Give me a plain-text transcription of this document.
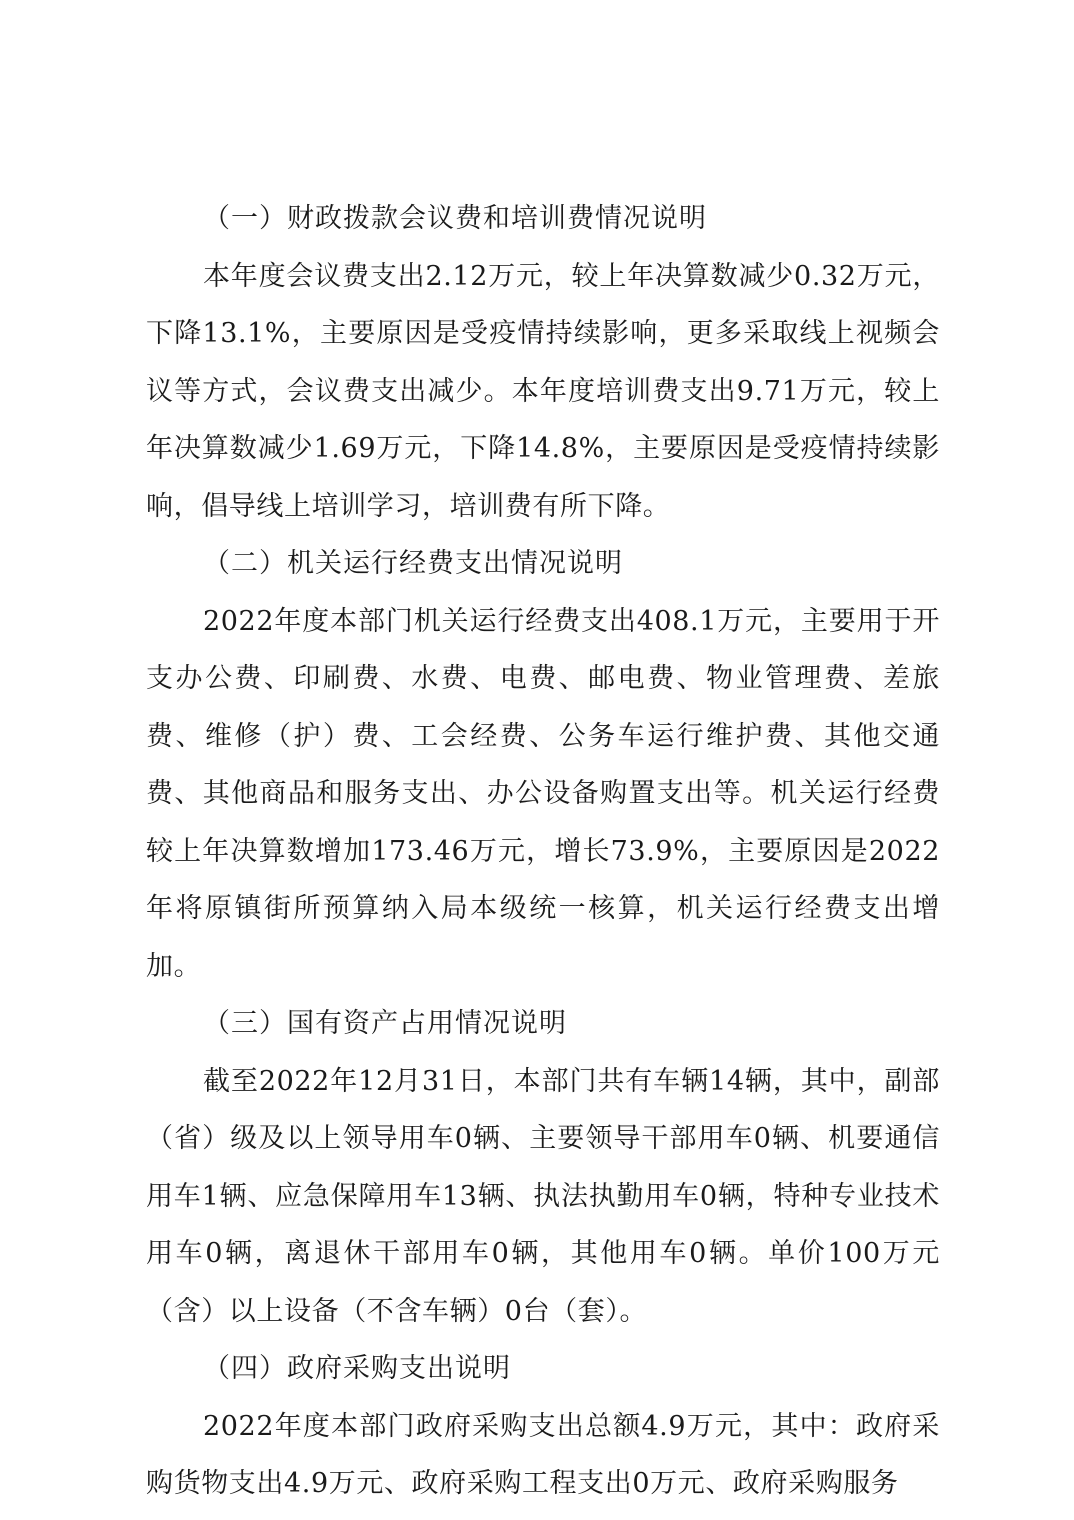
（一）财政拨款会议费和培训费情况说明

本年度会议费支出2.12万元，较上年决算数减少0.32万元，下降13.1%，主要原因是受疫情持续影响，更多采取线上视频会议等方式，会议费支出减少。本年度培训费支出9.71万元，较上年决算数减少1.69万元，下降14.8%，主要原因是受疫情持续影响，倡导线上培训学习，培训费有所下降。

（二）机关运行经费支出情况说明

2022年度本部门机关运行经费支出408.1万元，主要用于开支办公费、印刷费、水费、电费、邮电费、物业管理费、差旅费、维修（护）费、工会经费、公务车运行维护费、其他交通费、其他商品和服务支出、办公设备购置支出等。机关运行经费较上年决算数增加173.46万元，增长73.9%，主要原因是2022年将原镇街所预算纳入局本级统一核算，机关运行经费支出增加。

（三）国有资产占用情况说明

截至2022年12月31日，本部门共有车辆14辆，其中，副部（省）级及以上领导用车0辆、主要领导干部用车0辆、机要通信用车1辆、应急保障用车13辆、执法执勤用车0辆，特种专业技术用车0辆，离退休干部用车0辆，其他用车0辆。单价100万元（含）以上设备（不含车辆）0台（套）。

（四）政府采购支出说明

2022年度本部门政府采购支出总额4.9万元，其中：政府采购货物支出4.9万元、政府采购工程支出0万元、政府采购服务
